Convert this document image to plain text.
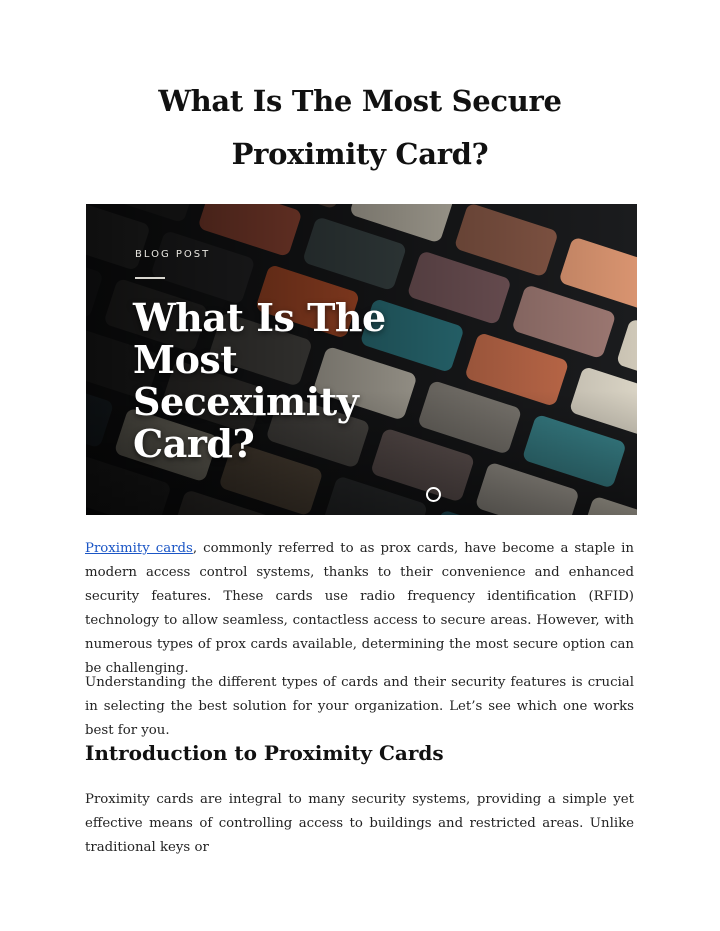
What Is The Most Secure
Proximity Card?
BLOG POST
What Is The Most Seceximity Card?
Proximity cards, commonly referred to as prox cards, have become a staple in modern access control systems, thanks to their convenience and enhanced security features. These cards use radio frequency identification (RFID) technology to allow seamless, contactless access to secure areas. However, with numerous types of prox cards available, determining the most secure option can be challenging.
Understanding the different types of cards and their security features is crucial in selecting the best solution for your organization. Let’s see which one works best for you.
Introduction to Proximity Cards
Proximity cards are integral to many security systems, providing a simple yet effective means of controlling access to buildings and restricted areas. Unlike traditional keys or
